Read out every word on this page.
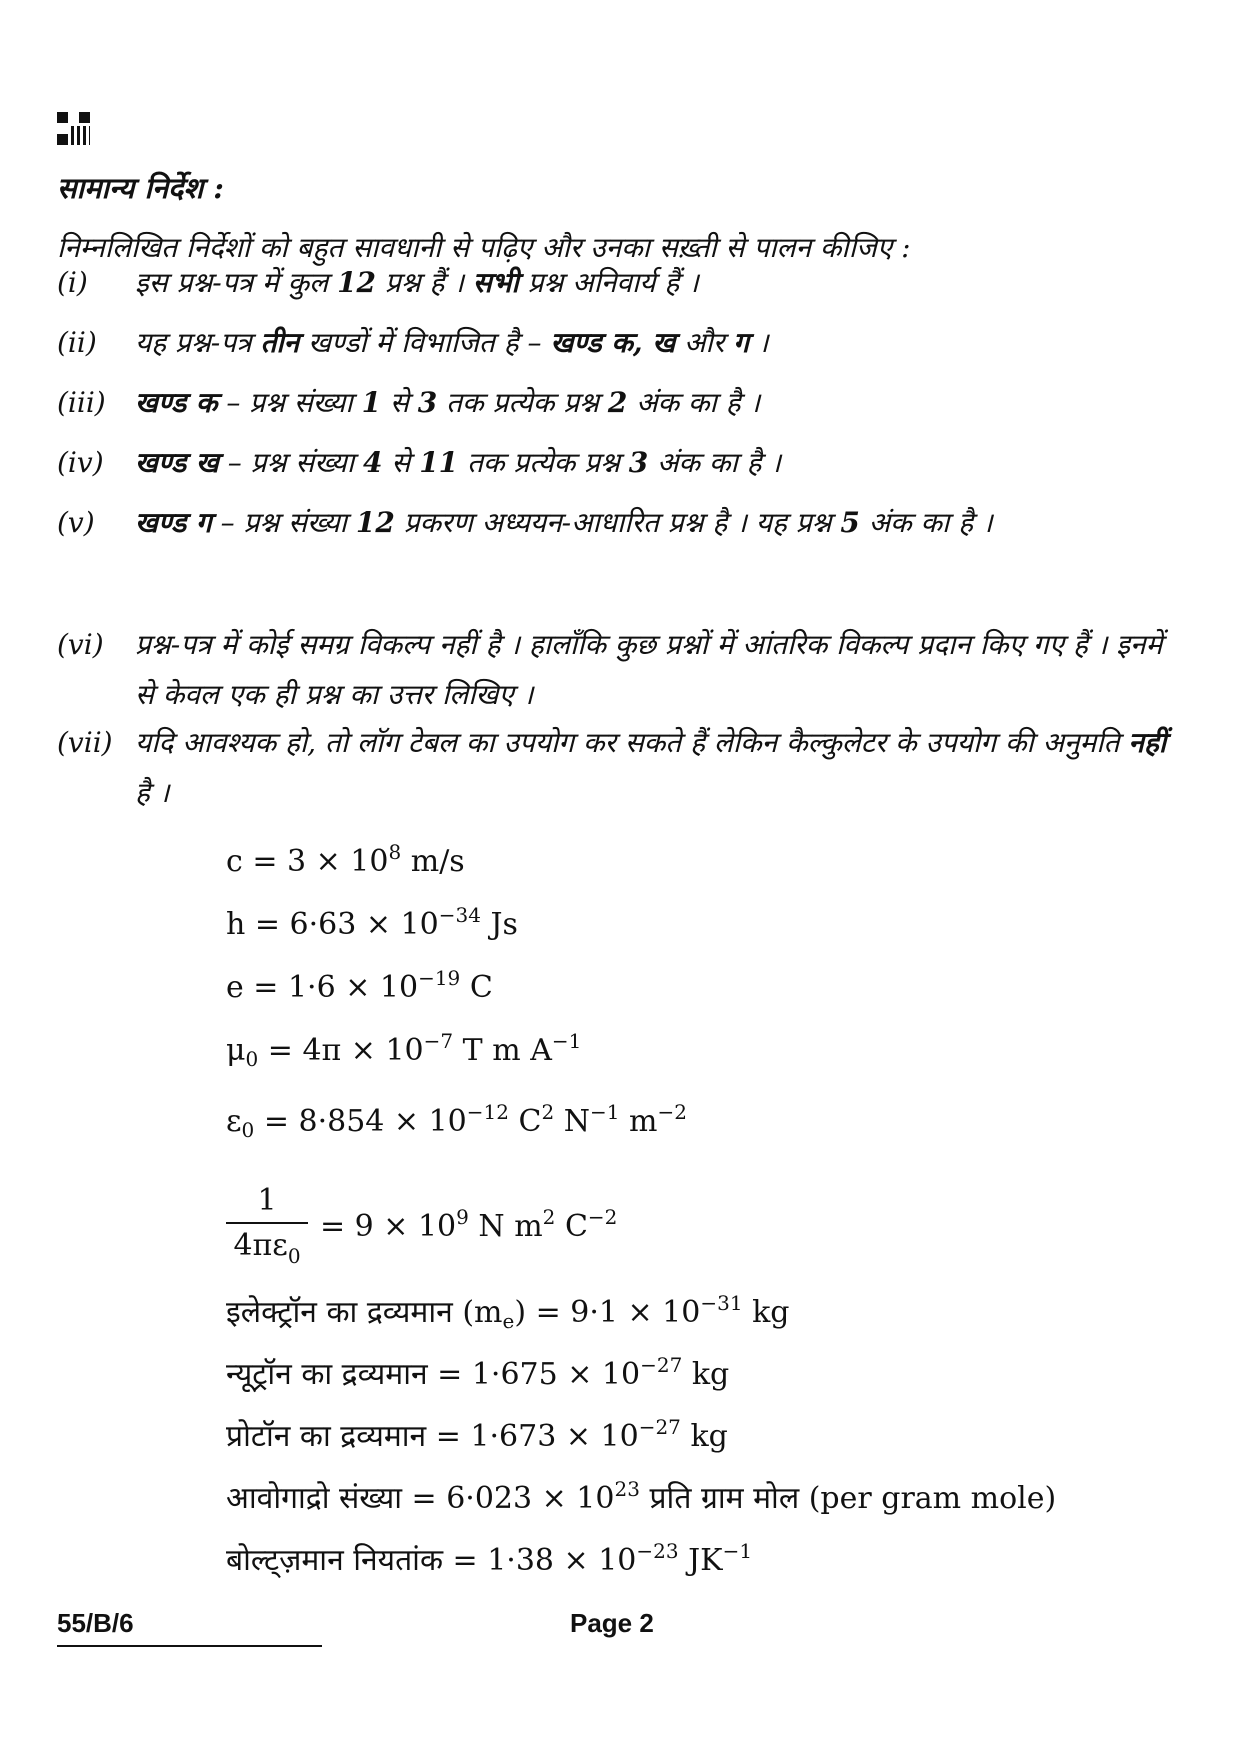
सामान्य निर्देश :
निम्नलिखित निर्देशों को बहुत सावधानी से पढ़िए और उनका सख़्ती से पालन कीजिए :
(i) इस प्रश्न-पत्र में कुल 12 प्रश्न हैं । सभी प्रश्न अनिवार्य हैं ।
(ii) यह प्रश्न-पत्र तीन खण्डों में विभाजित है – खण्ड क, ख और ग ।
(iii) खण्ड क – प्रश्न संख्या 1 से 3 तक प्रत्येक प्रश्न 2 अंक का है ।
(iv) खण्ड ख – प्रश्न संख्या 4 से 11 तक प्रत्येक प्रश्न 3 अंक का है ।
(v) खण्ड ग – प्रश्न संख्या 12 प्रकरण अध्ययन-आधारित प्रश्न है । यह प्रश्न 5 अंक का है ।
(vi) प्रश्न-पत्र में कोई समग्र विकल्प नहीं है । हालाँकि कुछ प्रश्नों में आंतरिक विकल्प प्रदान किए गए हैं । इनमें से केवल एक ही प्रश्न का उत्तर लिखिए ।
(vii) यदि आवश्यक हो, तो लॉग टेबल का उपयोग कर सकते हैं लेकिन कैल्कुलेटर के उपयोग की अनुमति नहीं है ।
$c = 3 \times 10^8$ m/s
$h = 6\cdot 63 \times 10^{-34}$ Js
$e = 1\cdot 6 \times 10^{-19}$ C
$\mu_0 = 4\pi \times 10^{-7}$ T m $A^{-1}$
$\varepsilon_0 = 8\cdot 854 \times 10^{-12}$ $C^2$ $N^{-1}$ $m^{-2}$
$\frac{1}{4\pi\varepsilon_0} = 9 \times 10^9$ N $m^2$ $C^{-2}$
इलेक्ट्रॉन का द्रव्यमान $(m_e) = 9\cdot 1 \times 10^{-31}$ kg
न्यूट्रॉन का द्रव्यमान = $1\cdot 675 \times 10^{-27}$ kg
प्रोटॉन का द्रव्यमान = $1\cdot 673 \times 10^{-27}$ kg
आवोगाद्रो संख्या = $6\cdot 023 \times 10^{23}$ प्रति ग्राम मोल (per gram mole)
बोल्ट्ज़मान नियतांक = $1\cdot 38 \times 10^{-23}$ $JK^{-1}$
55/B/6	Page 2
